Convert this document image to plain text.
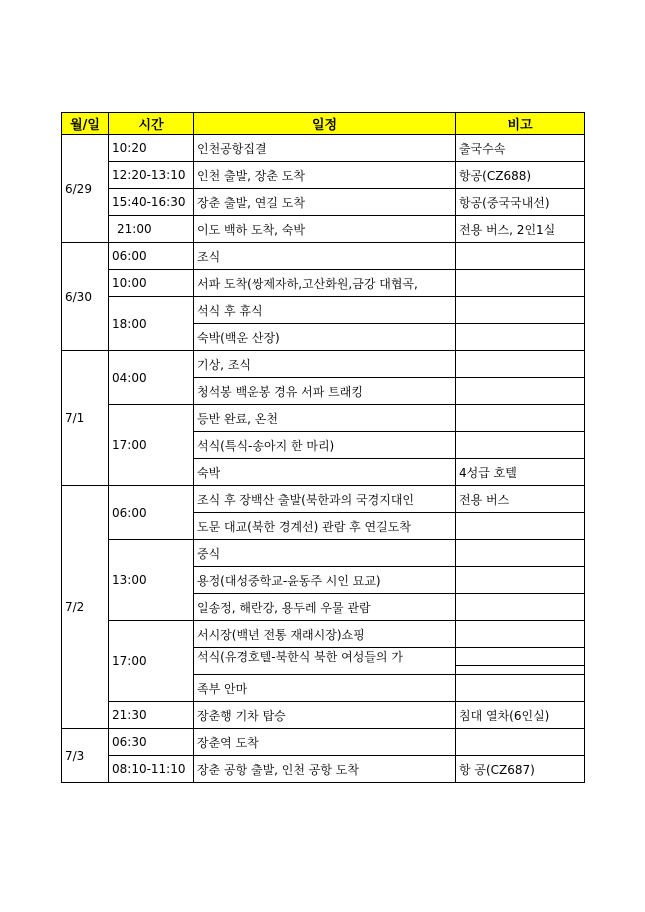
월/일	시간	일정	비고
6/29	10:20	인천공항집결	출국수속
	12:20-13:10	인천 출발, 장춘 도착	항공(CZ688)
	15:40-16:30	장춘 출발, 연길 도착	항공(중국국내선)
	21:00	이도 백하 도착, 숙박	전용 버스, 2인1실
6/30	06:00	조식	
	10:00	서파 도착(쌍제자하,고산화원,금강 대협곡,	
	18:00	석식 후 휴식	
		숙박(백운 산장)	
7/1	04:00	기상, 조식	
		청석봉 백운봉 경유 서파 트래킹	
	17:00	등반 완료, 온천	
		석식(특식-송아지 한 마리)	
		숙박	4성급 호텔
7/2	06:00	조식 후 장백산 출발(북한과의 국경지대인	전용 버스
		도문 대교(북한 경계선) 관람 후 연길도착	
	13:00	중식	
		용정(대성중학교-윤동주 시인 묘교)	
		일송정, 해란강, 용두레 우물 관람	
	17:00	서시장(백년 전통 재래시장)쇼핑	
		석식(유경호텔-북한식 북한 여성들의 가	

		족부 안마	
	21:30	장춘행 기차 탑승	침대 열차(6인실)
7/3	06:30	장춘역 도착	
	08:10-11:10	장춘 공항 출발, 인천 공항 도착	항 공(CZ687)
